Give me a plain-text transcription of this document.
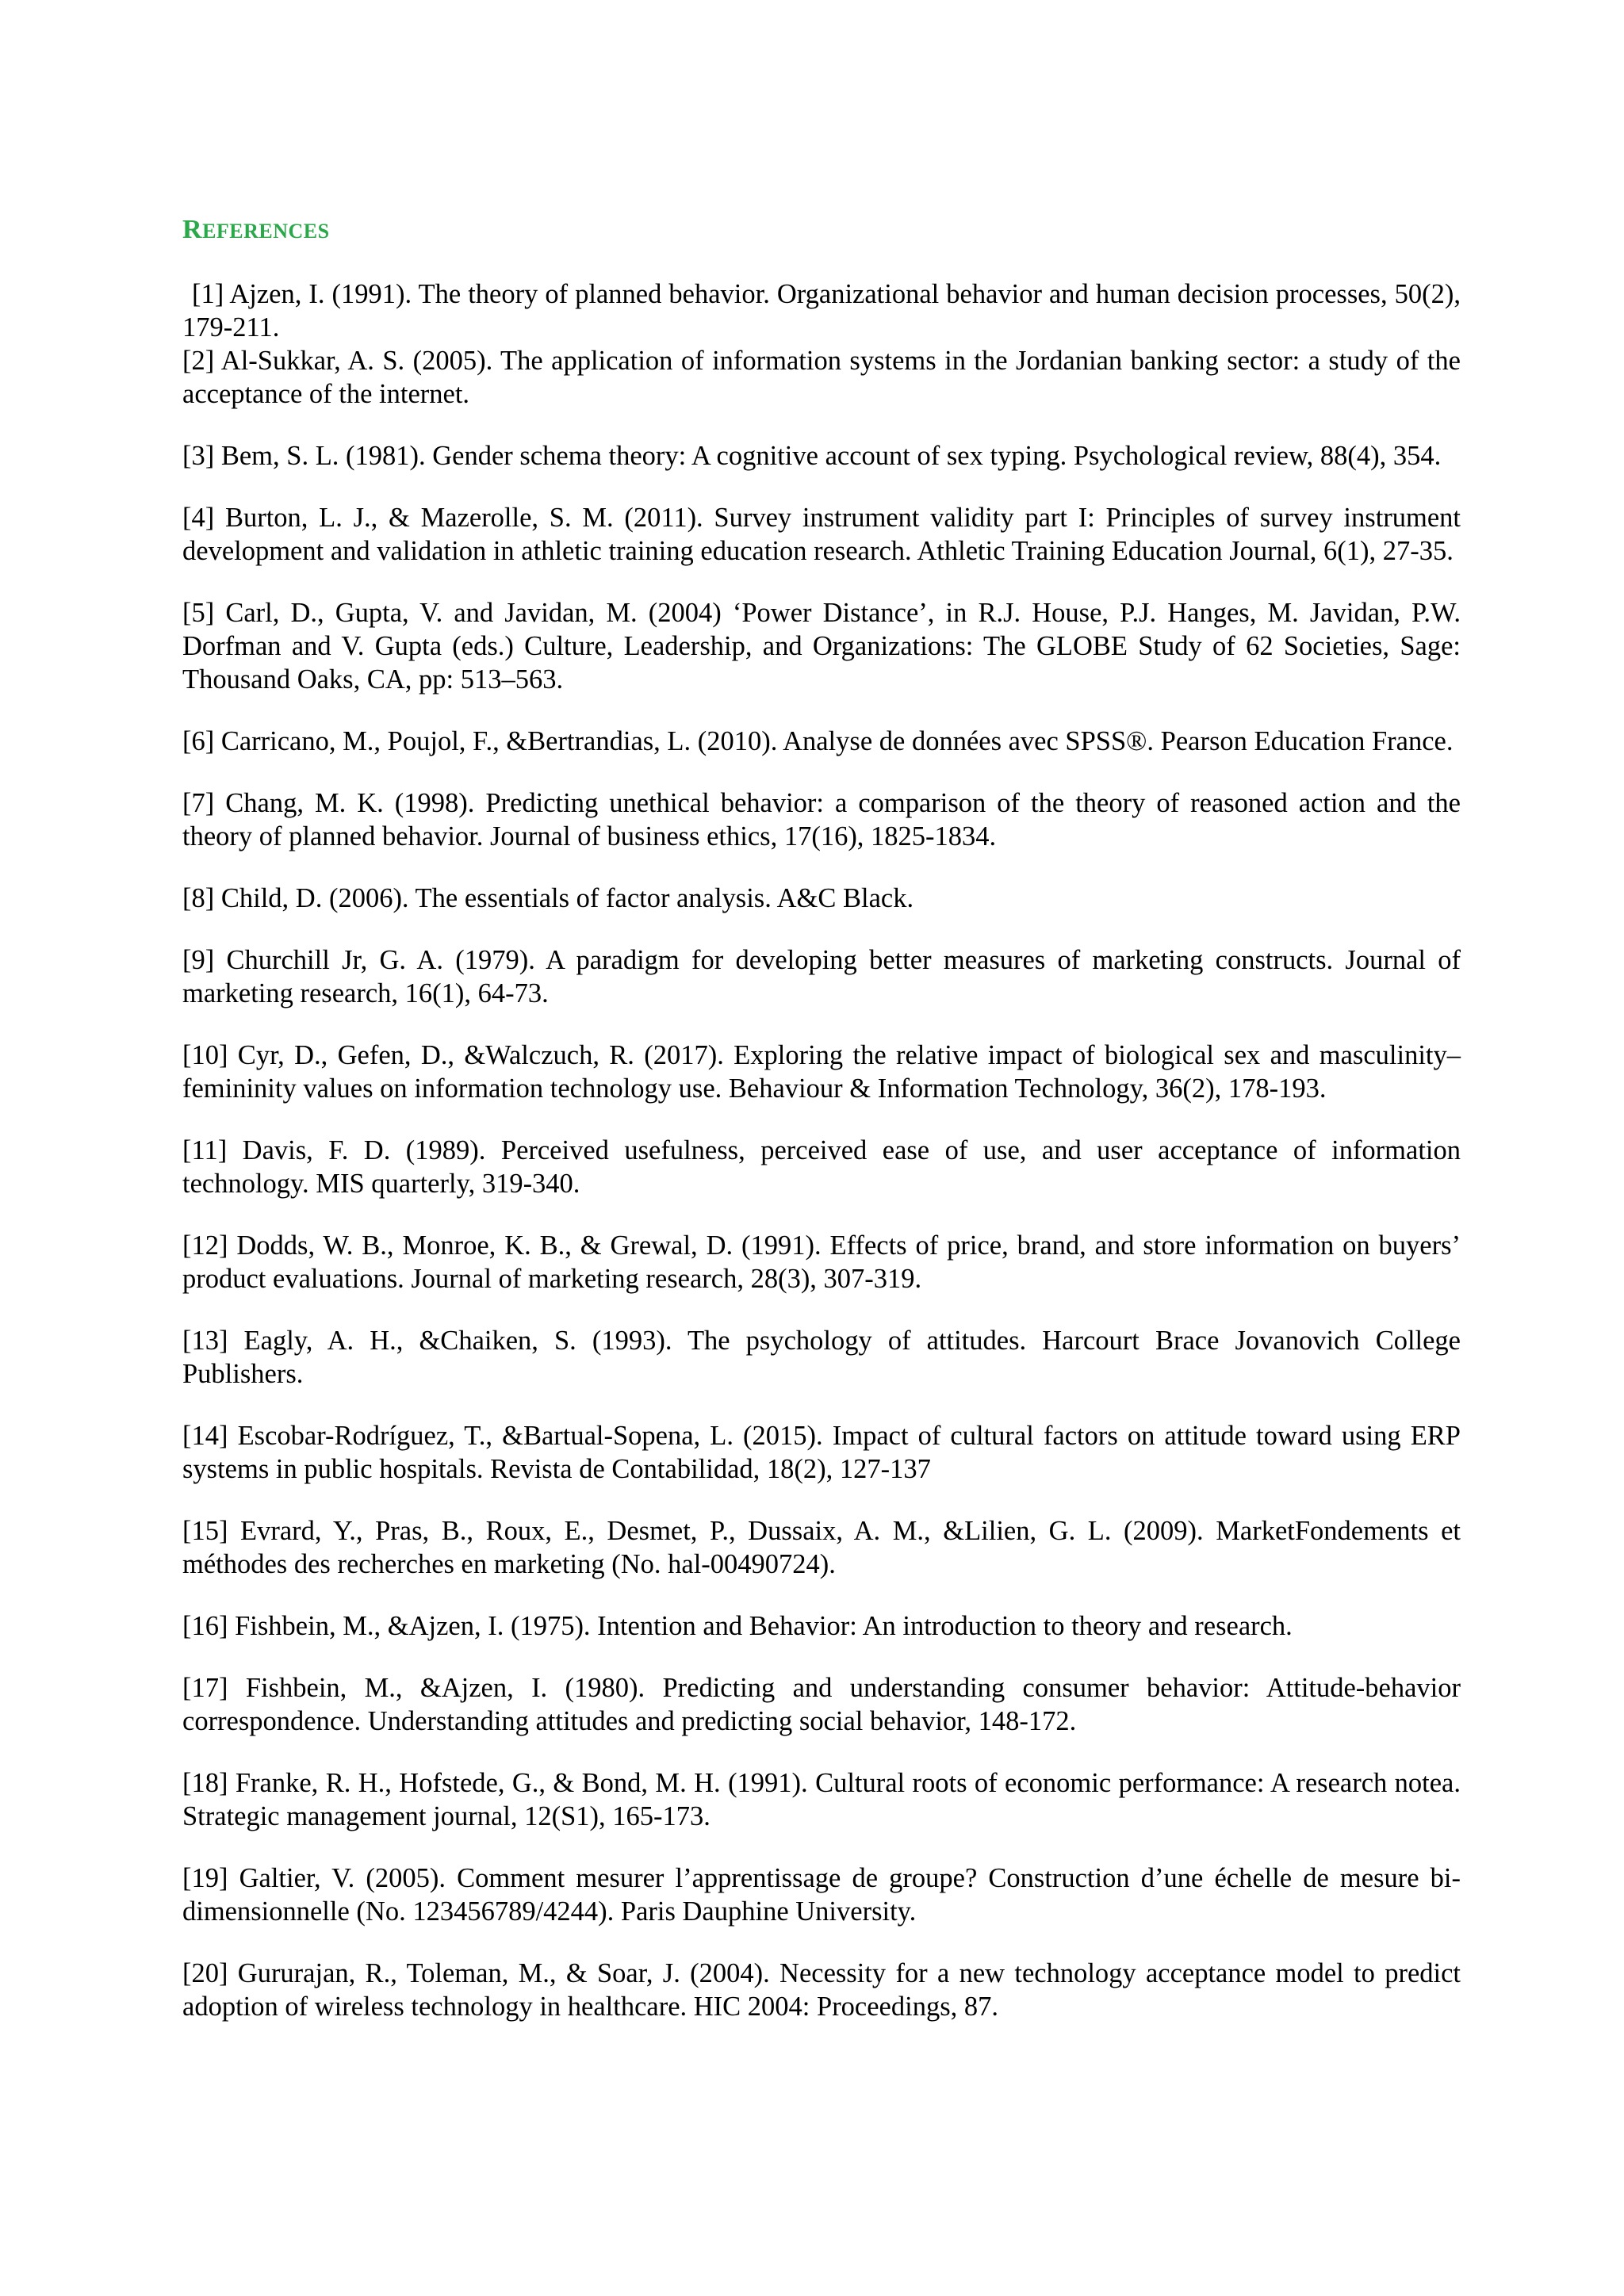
REFERENCES

[1] Ajzen, I. (1991). The theory of planned behavior. Organizational behavior and human decision processes, 50(2), 179-211.

[2] Al-Sukkar, A. S. (2005). The application of information systems in the Jordanian banking sector: a study of the acceptance of the internet.

[3] Bem, S. L. (1981). Gender schema theory: A cognitive account of sex typing. Psychological review, 88(4), 354.

[4] Burton, L. J., & Mazerolle, S. M. (2011). Survey instrument validity part I: Principles of survey instrument development and validation in athletic training education research. Athletic Training Education Journal, 6(1), 27-35.

[5] Carl, D., Gupta, V. and Javidan, M. (2004) ‘Power Distance’, in R.J. House, P.J. Hanges, M. Javidan, P.W. Dorfman and V. Gupta (eds.) Culture, Leadership, and Organizations: The GLOBE Study of 62 Societies, Sage: Thousand Oaks, CA, pp: 513–563.

[6] Carricano, M., Poujol, F., &Bertrandias, L. (2010). Analyse de données avec SPSS®. Pearson Education France.

[7] Chang, M. K. (1998). Predicting unethical behavior: a comparison of the theory of reasoned action and the theory of planned behavior. Journal of business ethics, 17(16), 1825-1834.

[8] Child, D. (2006). The essentials of factor analysis. A&C Black.

[9] Churchill Jr, G. A. (1979). A paradigm for developing better measures of marketing constructs. Journal of marketing research, 16(1), 64-73.

[10] Cyr, D., Gefen, D., &Walczuch, R. (2017). Exploring the relative impact of biological sex and masculinity–femininity values on information technology use. Behaviour & Information Technology, 36(2), 178-193.

[11] Davis, F. D. (1989). Perceived usefulness, perceived ease of use, and user acceptance of information technology. MIS quarterly, 319-340.

[12] Dodds, W. B., Monroe, K. B., & Grewal, D. (1991). Effects of price, brand, and store information on buyers’ product evaluations. Journal of marketing research, 28(3), 307-319.

[13] Eagly, A. H., &Chaiken, S. (1993). The psychology of attitudes. Harcourt Brace Jovanovich College Publishers.

[14] Escobar-Rodríguez, T., &Bartual-Sopena, L. (2015). Impact of cultural factors on attitude toward using ERP systems in public hospitals. Revista de Contabilidad, 18(2), 127-137

[15] Evrard, Y., Pras, B., Roux, E., Desmet, P., Dussaix, A. M., &Lilien, G. L. (2009). MarketFondements et méthodes des recherches en marketing (No. hal-00490724).

[16] Fishbein, M., &Ajzen, I. (1975). Intention and Behavior: An introduction to theory and research.

[17] Fishbein, M., &Ajzen, I. (1980). Predicting and understanding consumer behavior: Attitude-behavior correspondence. Understanding attitudes and predicting social behavior, 148-172.

[18] Franke, R. H., Hofstede, G., & Bond, M. H. (1991). Cultural roots of economic performance: A research notea. Strategic management journal, 12(S1), 165-173.

[19] Galtier, V. (2005). Comment mesurer l’apprentissage de groupe? Construction d’une échelle de mesure bi-dimensionnelle (No. 123456789/4244). Paris Dauphine University.

[20] Gururajan, R., Toleman, M., & Soar, J. (2004). Necessity for a new technology acceptance model to predict adoption of wireless technology in healthcare. HIC 2004: Proceedings, 87.
